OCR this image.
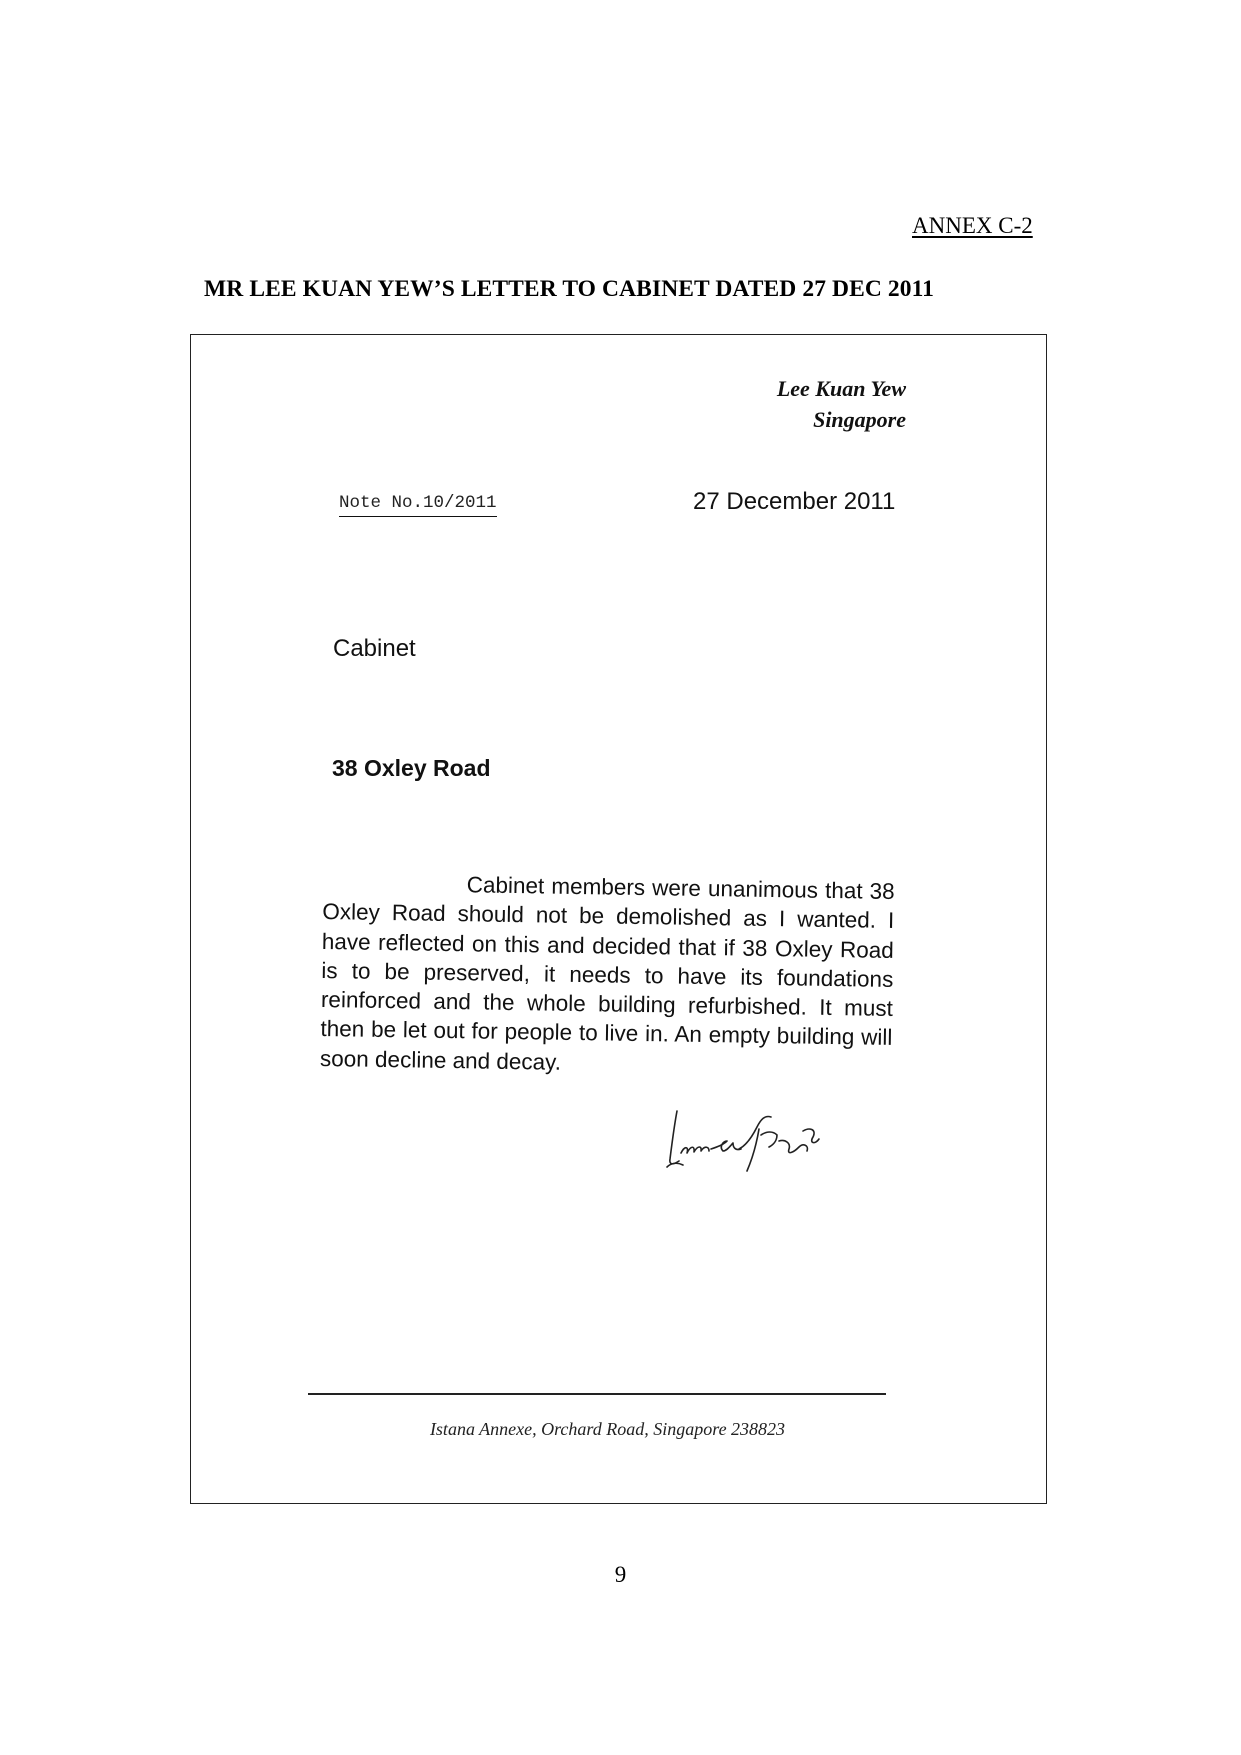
ANNEX C-2
MR LEE KUAN YEW’S LETTER TO CABINET DATED 27 DEC 2011
Lee Kuan Yew
Singapore
Note No.10/2011	27 December 2011
Cabinet
38 Oxley Road
Cabinet members were unanimous that 38 Oxley Road should not be demolished as I wanted. I have reflected on this and decided that if 38 Oxley Road is to be preserved, it needs to have its foundations reinforced and the whole building refurbished. It must then be let out for people to live in. An empty building will soon decline and decay.
Istana Annexe, Orchard Road, Singapore 238823
9
